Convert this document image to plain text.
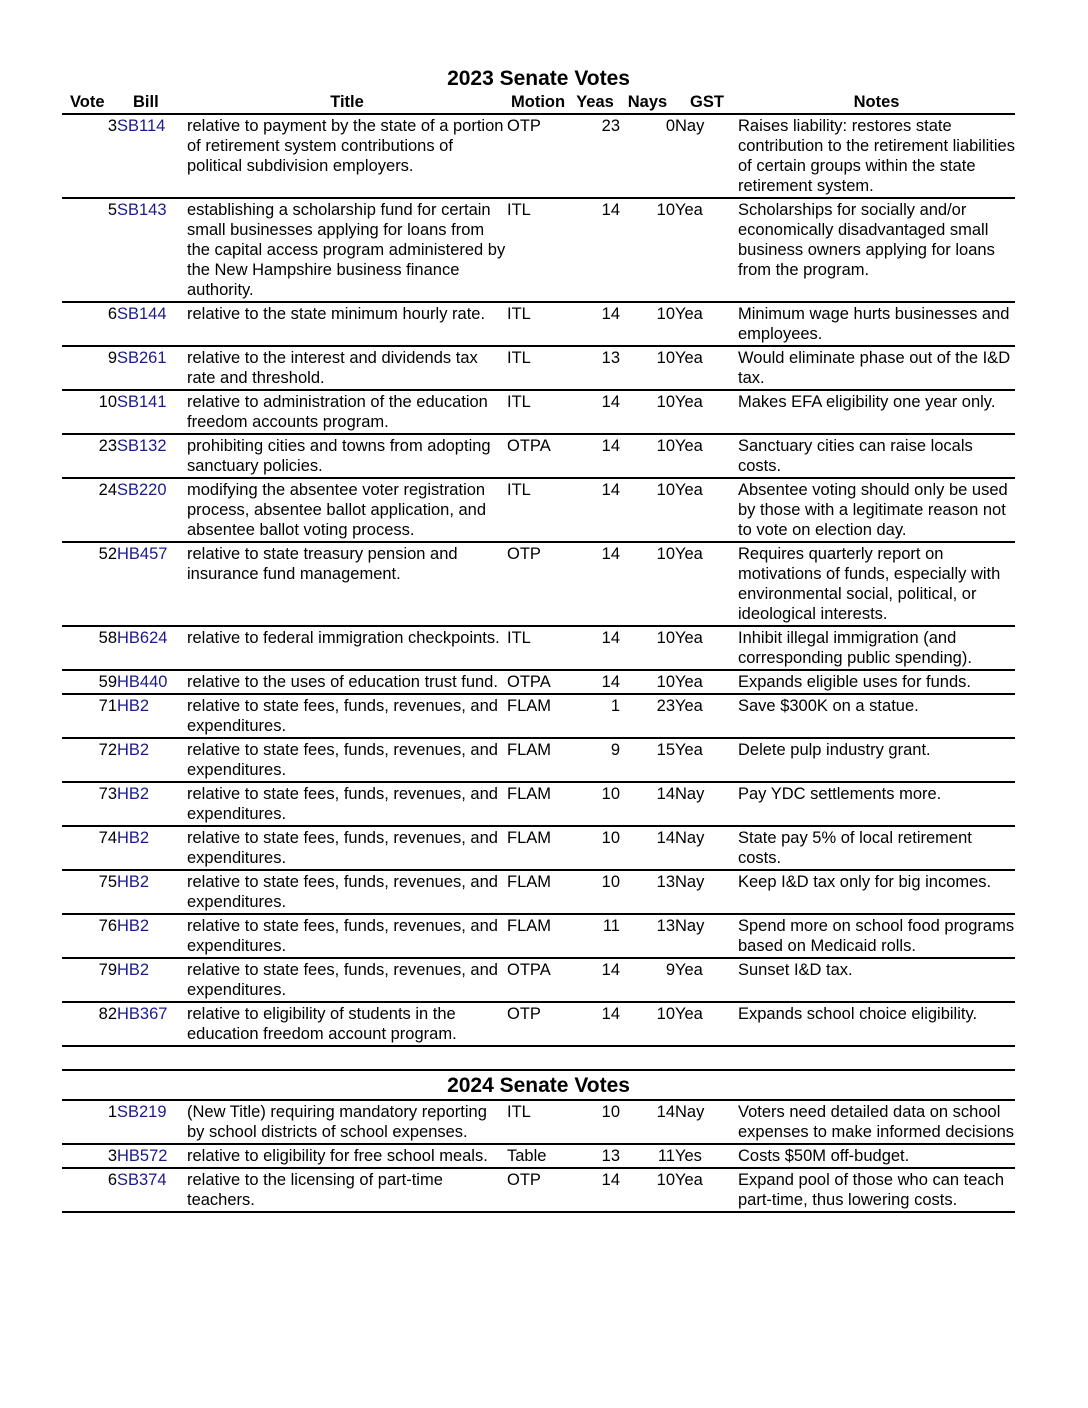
2023 Senate Votes							
Vote	Bill	Title	Motion	Yeas	Nays	GST	Notes
3	SB114	relative to payment by the state of a portion of retirement system contributions of political subdivision employers.	OTP	23	0	Nay	Raises liability: restores state contribution to the retirement liabilities of certain groups within the state retirement system.
5	SB143	establishing a scholarship fund for certain small businesses applying for loans from the capital access program administered by the New Hampshire business finance authority.	ITL	14	10	Yea	Scholarships for socially and/or economically disadvantaged small business owners applying for loans from the program.
6	SB144	relative to the state minimum hourly rate.	ITL	14	10	Yea	Minimum wage hurts businesses and employees.
9	SB261	relative to the interest and dividends tax rate and threshold.	ITL	13	10	Yea	Would eliminate phase out of the I&D tax.
10	SB141	relative to administration of the education freedom accounts program.	ITL	14	10	Yea	Makes EFA eligibility one year only.
23	SB132	prohibiting cities and towns from adopting sanctuary policies.	OTPA	14	10	Yea	Sanctuary cities can raise locals costs.
24	SB220	modifying the absentee voter registration process, absentee ballot application, and absentee ballot voting process.	ITL	14	10	Yea	Absentee voting should only be used by those with a legitimate reason not to vote on election day.
52	HB457	relative to state treasury pension and insurance fund management.	OTP	14	10	Yea	Requires quarterly report on motivations of funds, especially with environmental social, political, or ideological interests.
58	HB624	relative to federal immigration checkpoints.	ITL	14	10	Yea	Inhibit illegal immigration (and corresponding public spending).
59	HB440	relative to the uses of education trust fund.	OTPA	14	10	Yea	Expands eligible uses for funds.
71	HB2	relative to state fees, funds, revenues, and expenditures.	FLAM	1	23	Yea	Save $300K on a statue.
72	HB2	relative to state fees, funds, revenues, and expenditures.	FLAM	9	15	Yea	Delete pulp industry grant.
73	HB2	relative to state fees, funds, revenues, and expenditures.	FLAM	10	14	Nay	Pay YDC settlements more.
74	HB2	relative to state fees, funds, revenues, and expenditures.	FLAM	10	14	Nay	State pay 5% of local retirement costs.
75	HB2	relative to state fees, funds, revenues, and expenditures.	FLAM	10	13	Nay	Keep I&D tax only for big incomes.
76	HB2	relative to state fees, funds, revenues, and expenditures.	FLAM	11	13	Nay	Spend more on school food programs based on Medicaid rolls.
79	HB2	relative to state fees, funds, revenues, and expenditures.	OTPA	14	9	Yea	Sunset I&D tax.
82	HB367	relative to eligibility of students in the education freedom account program.	OTP	14	10	Yea	Expands school choice eligibility.

2024 Senate Votes							
1	SB219	(New Title) requiring mandatory reporting by school districts of school expenses.	ITL	10	14	Nay	Voters need detailed data on school expenses to make informed decisions
3	HB572	relative to eligibility for free school meals.	Table	13	11	Yes	Costs $50M off-budget.
6	SB374	relative to the licensing of part-time teachers.	OTP	14	10	Yea	Expand pool of those who can teach part-time, thus lowering costs.
